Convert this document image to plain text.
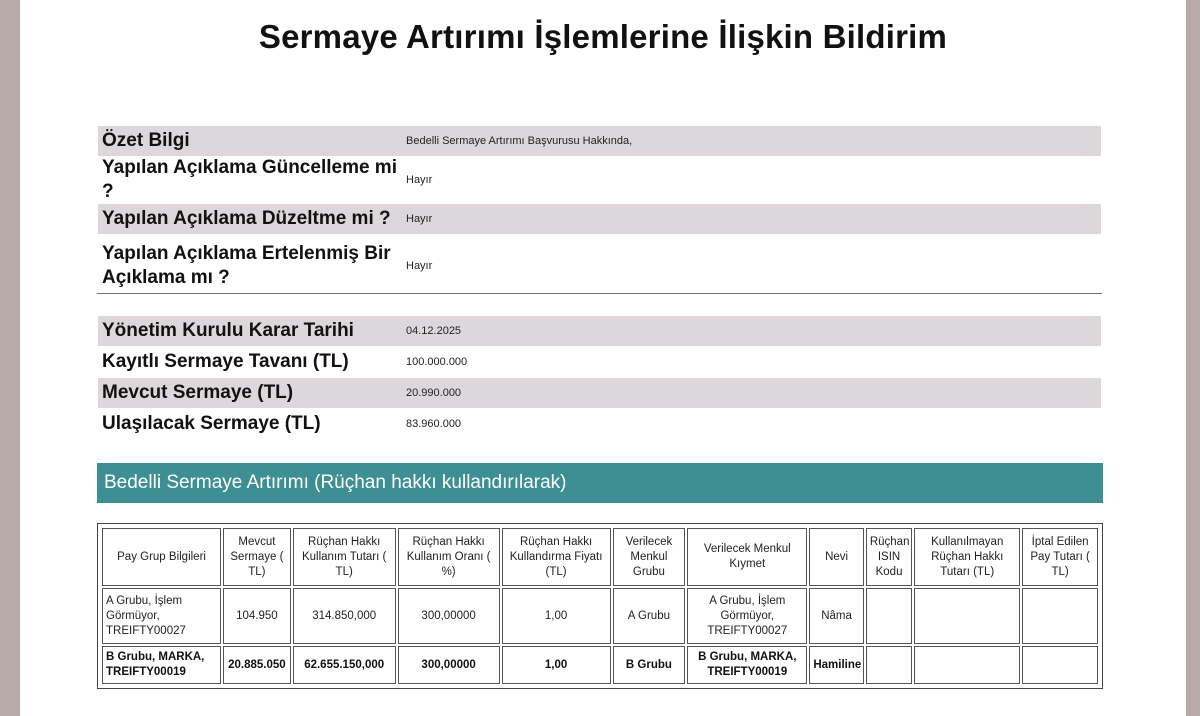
Sermaye Artırımı İşlemlerine İlişkin Bildirim
Özet Bilgi	Bedelli Sermaye Artırımı Başvurusu Hakkında,
Yapılan Açıklama Güncelleme mi ?	Hayır
Yapılan Açıklama Düzeltme mi ?	Hayır
Yapılan Açıklama Ertelenmiş Bir Açıklama mı ?	Hayır
Yönetim Kurulu Karar Tarihi	04.12.2025
Kayıtlı Sermaye Tavanı (TL)	100.000.000
Mevcut Sermaye (TL)	20.990.000
Ulaşılacak Sermaye (TL)	83.960.000
Bedelli Sermaye Artırımı (Rüçhan hakkı kullandırılarak)
Pay Grup Bilgileri	Mevcut Sermaye ( TL)	Rüçhan Hakkı Kullanım Tutarı ( TL)	Rüçhan Hakkı Kullanım Oranı ( %)	Rüçhan Hakkı Kullandırma Fiyatı (TL)	Verilecek Menkul Grubu	Verilecek Menkul Kıymet	Nevi	Rüçhan ISIN Kodu	Kullanılmayan Rüçhan Hakkı Tutarı (TL)	İptal Edilen Pay Tutarı ( TL)
A Grubu, İşlem Görmüyor, TREIFTY00027	104.950	314.850,000	300,00000	1,00	A Grubu	A Grubu, İşlem Görmüyor, TREIFTY00027	Nâma			
B Grubu, MARKA, TREIFTY00019	20.885.050	62.655.150,000	300,00000	1,00	B Grubu	B Grubu, MARKA, TREIFTY00019	Hamiline			
